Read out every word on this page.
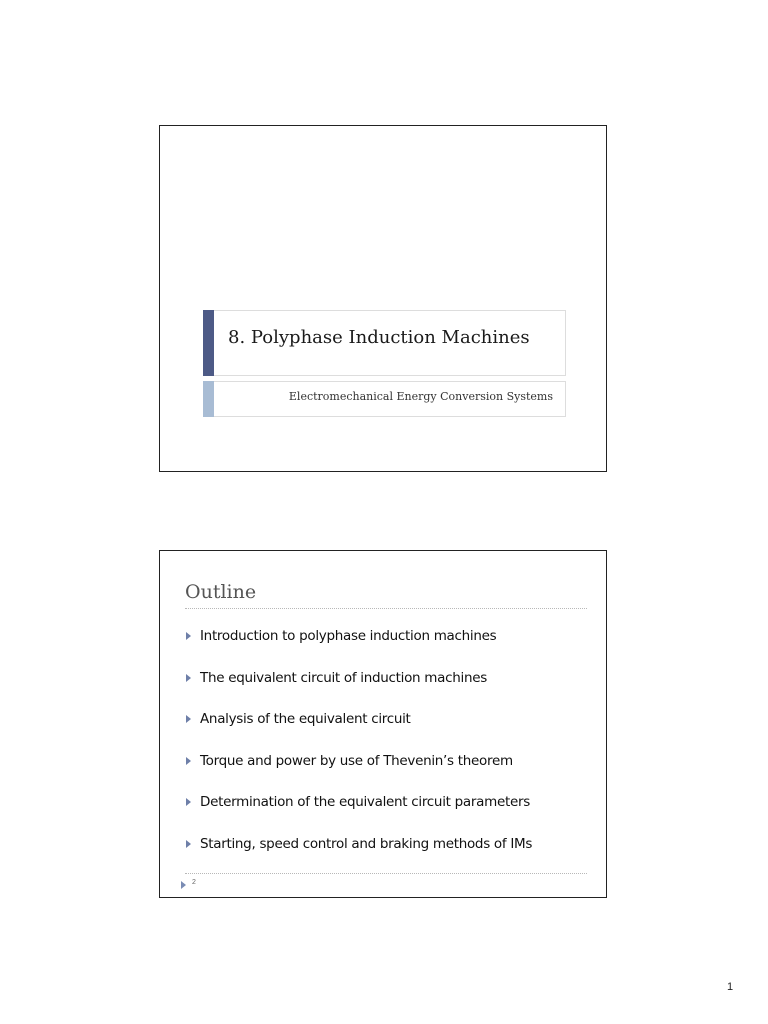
8. Polyphase Induction Machines
Electromechanical Energy Conversion Systems
Outline
Introduction to polyphase induction machines
The equivalent circuit of induction machines
Analysis of the equivalent circuit
Torque and power by use of Thevenin’s theorem
Determination of the equivalent circuit parameters
Starting, speed control and braking methods of IMs
2
1
